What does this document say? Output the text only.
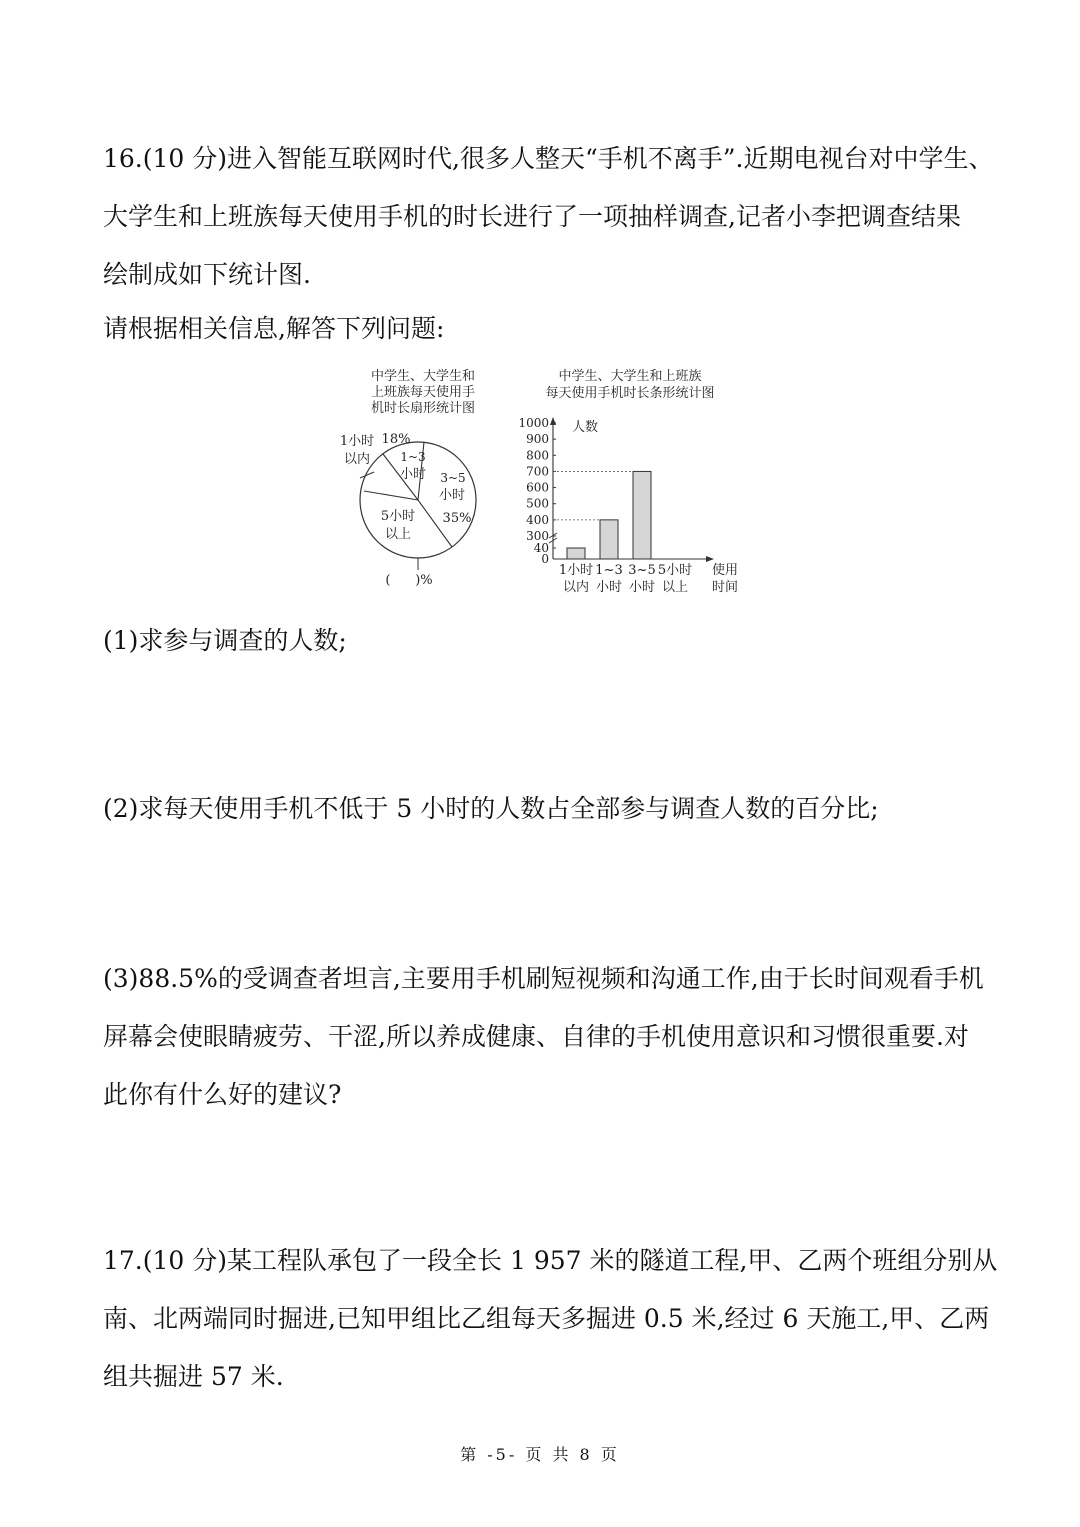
16.(10 分)进入智能互联网时代,很多人整天“手机不离手”.近期电视台对中学生、
大学生和上班族每天使用手机的时长进行了一项抽样调查,记者小李把调查结果
绘制成如下统计图.
请根据相关信息,解答下列问题:
中学生、大学生和
上班族每天使用手
机时长扇形统计图
1小时
以内
18%
1~3
小时 3~5
小时
35%
5小时
以上
(      )%
中学生、大学生和上班族
每天使用手机时长条形统计图
人数
1000
900
800
700
600
500
400
300
40
0
1小时
以内
1~3
小时
3~5
小时
5小时
以上
使用
时间
(1)求参与调查的人数;
(2)求每天使用手机不低于 5 小时的人数占全部参与调查人数的百分比;
(3)88.5%的受调查者坦言,主要用手机刷短视频和沟通工作,由于长时间观看手机
屏幕会使眼睛疲劳、干涩,所以养成健康、自律的手机使用意识和习惯很重要.对
此你有什么好的建议?
17.(10 分)某工程队承包了一段全长 1 957 米的隧道工程,甲、乙两个班组分别从
南、北两端同时掘进,已知甲组比乙组每天多掘进 0.5 米,经过 6 天施工,甲、乙两
组共掘进 57 米.
第 -5- 页 共 8 页
